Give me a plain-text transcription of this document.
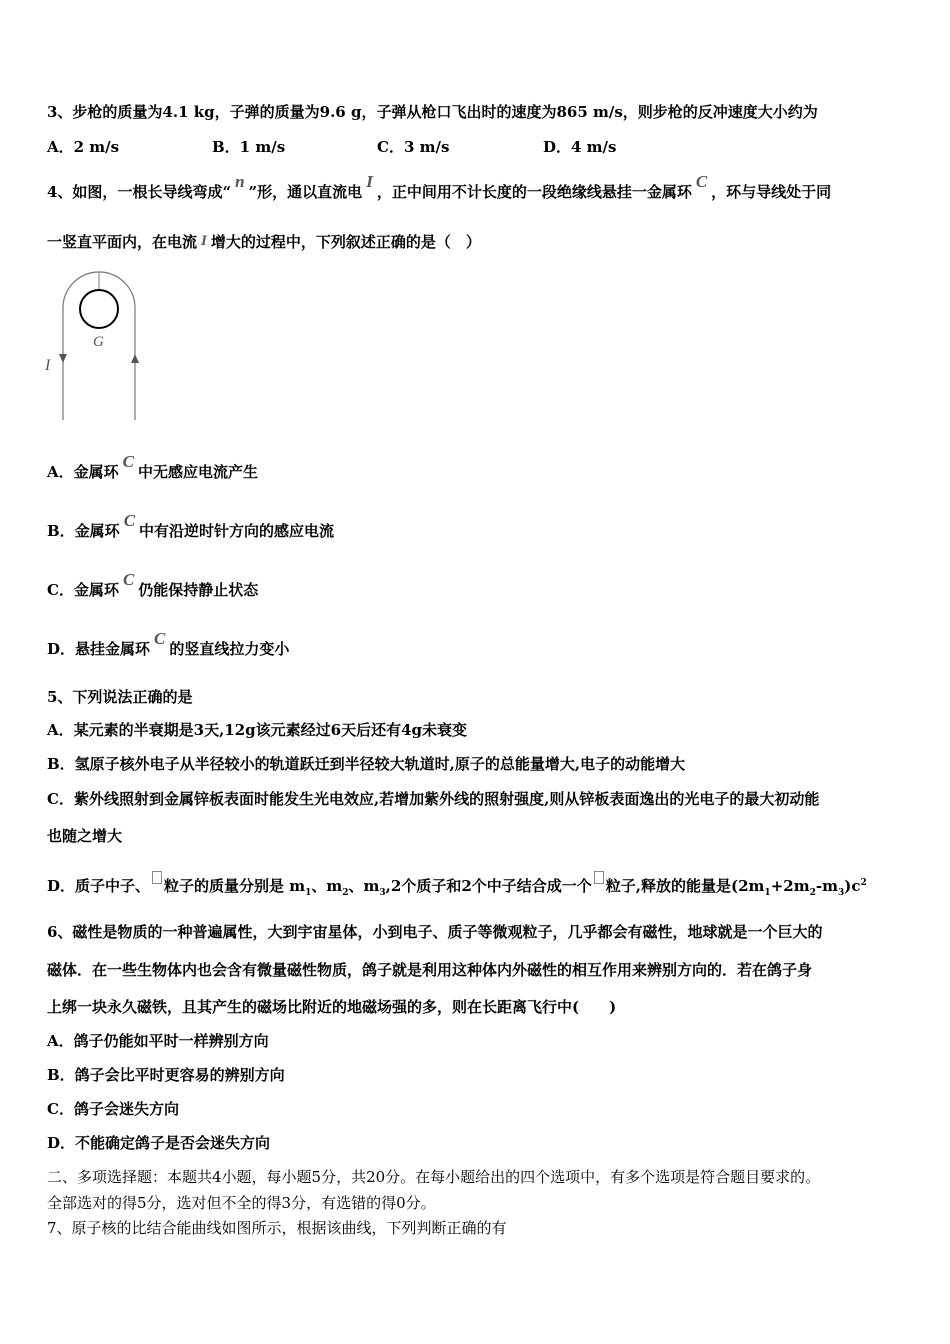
3、步枪的质量为4.1 kg，子弹的质量为9.6 g，子弹从枪口飞出时的速度为865 m/s，则步枪的反冲速度大小约为
A．2 m/s	B．1 m/s	C．3 m/s	D．4 m/s
4、如图，一根长导线弯成“n”形，通以直流电I，正中间用不计长度的一段绝缘线悬挂一金属环C，环与导线处于同
一竖直平面内，在电流 I 增大的过程中，下列叙述正确的是（　）
G
I
A．金属环C中无感应电流产生
B．金属环C中有沿逆时针方向的感应电流
C．金属环C仍能保持静止状态
D．悬挂金属环C的竖直线拉力变小
5、下列说法正确的是
A．某元素的半衰期是3天,12g该元素经过6天后还有4g未衰变
B．氢原子核外电子从半径较小的轨道跃迁到半径较大轨道时,原子的总能量增大,电子的动能增大
C．紫外线照射到金属锌板表面时能发生光电效应,若增加紫外线的照射强度,则从锌板表面逸出的光电子的最大初动能
也随之增大
D．质子中子、 粒子的质量分别是 $m_1$、$m_2$、$m_3,2$个质子和2个中子结合成一个 粒子,释放的能量是$(2m_1+2m_2-m_3)c^2$
6、磁性是物质的一种普遍属性，大到宇宙星体，小到电子、质子等微观粒子，几乎都会有磁性，地球就是一个巨大的
磁体．在一些生物体内也会含有微量磁性物质，鸽子就是利用这种体内外磁性的相互作用来辨别方向的．若在鸽子身
上绑一块永久磁铁，且其产生的磁场比附近的地磁场强的多，则在长距离飞行中(　　)
A．鸽子仍能如平时一样辨别方向
B．鸽子会比平时更容易的辨别方向
C．鸽子会迷失方向
D．不能确定鸽子是否会迷失方向
二、多项选择题：本题共4小题，每小题5分，共20分。在每小题给出的四个选项中，有多个选项是符合题目要求的。
全部选对的得5分，选对但不全的得3分，有选错的得0分。
7、原子核的比结合能曲线如图所示，根据该曲线，下列判断正确的有
